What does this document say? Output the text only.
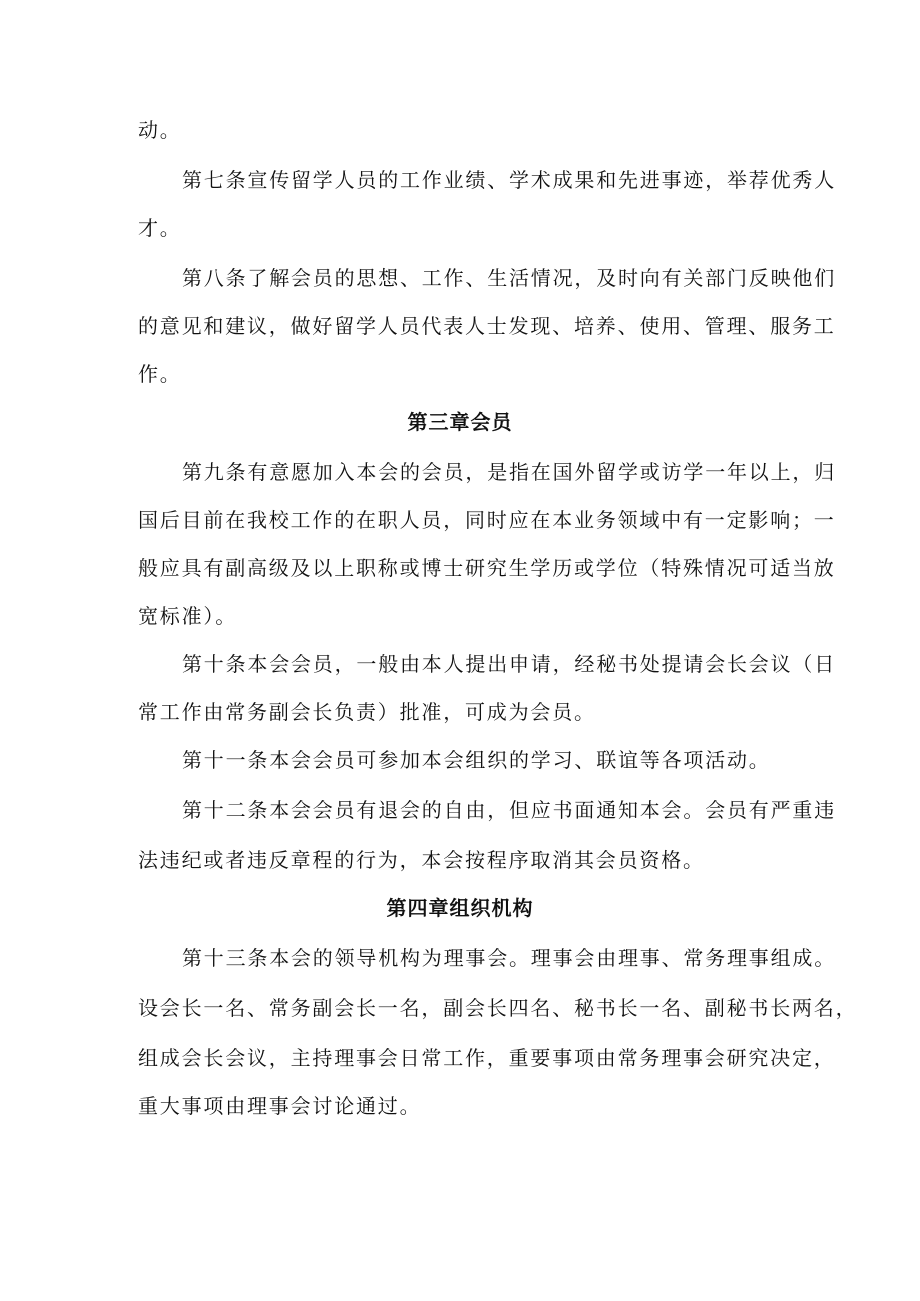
动。
第七条宣传留学人员的工作业绩、学术成果和先进事迹，举荐优秀人
才。
第八条了解会员的思想、工作、生活情况，及时向有关部门反映他们
的意见和建议，做好留学人员代表人士发现、培养、使用、管理、服务工
作。
第三章会员
第九条有意愿加入本会的会员，是指在国外留学或访学一年以上，归
国后目前在我校工作的在职人员，同时应在本业务领域中有一定影响；一
般应具有副高级及以上职称或博士研究生学历或学位（特殊情况可适当放
宽标准）。
第十条本会会员，一般由本人提出申请，经秘书处提请会长会议（日
常工作由常务副会长负责）批准，可成为会员。
第十一条本会会员可参加本会组织的学习、联谊等各项活动。
第十二条本会会员有退会的自由，但应书面通知本会。会员有严重违
法违纪或者违反章程的行为，本会按程序取消其会员资格。
第四章组织机构
第十三条本会的领导机构为理事会。理事会由理事、常务理事组成。
设会长一名、常务副会长一名，副会长四名、秘书长一名、副秘书长两名，
组成会长会议，主持理事会日常工作，重要事项由常务理事会研究决定，
重大事项由理事会讨论通过。
